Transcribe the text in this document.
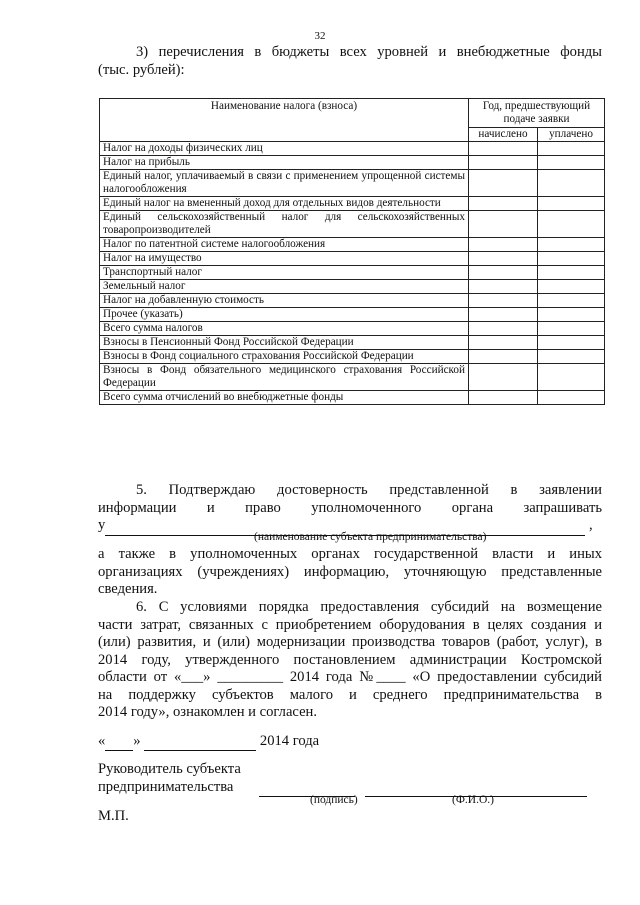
32
3) перечисления в бюджеты всех уровней и внебюджетные фонды
(тыс. рублей):
Наименование налога (взноса)	Год, предшествующий подаче заявки	
	начислено	уплачено
Налог на доходы физических лиц		
Налог на прибыль		
Единый налог, уплачиваемый в связи с применением упрощенной системы налогообложения		
Единый налог на вмененный доход для отдельных видов деятельности		
Единый сельскохозяйственный налог для сельскохозяйственных товаропроизводителей		
Налог по патентной системе налогообложения		
Налог на имущество		
Транспортный налог		
Земельный налог		
Налог на добавленную стоимость		
Прочее (указать)		
Всего сумма налогов		
Взносы в Пенсионный Фонд Российской Федерации		
Взносы в Фонд социального страхования Российской Федерации		
Взносы в Фонд обязательного медицинского страхования Российской Федерации		
Всего сумма отчислений во внебюджетные фонды		
5. Подтверждаю достоверность представленной в заявлении
информации и право уполномоченного органа запрашивать
у	,
(наименование субъекта предпринимательства)
а также в уполномоченных органах государственной власти и иных
организациях (учреждениях) информацию, уточняющую представленные
сведения.
6. С условиями порядка предоставления субсидий на возмещение
части затрат, связанных с приобретением оборудования в целях создания и
(или) развития, и (или) модернизации производства товаров (работ, услуг), в
2014 году, утвержденного постановлением администрации Костромской
области от «___» _________ 2014 года №____ «О предоставлении субсидий
на поддержку субъектов малого и среднего предпринимательства в
2014 году», ознакомлен и согласен.
« »	2014 года
Руководитель субъекта
предпринимательства
(подпись)	(Ф.И.О.)
М.П.
